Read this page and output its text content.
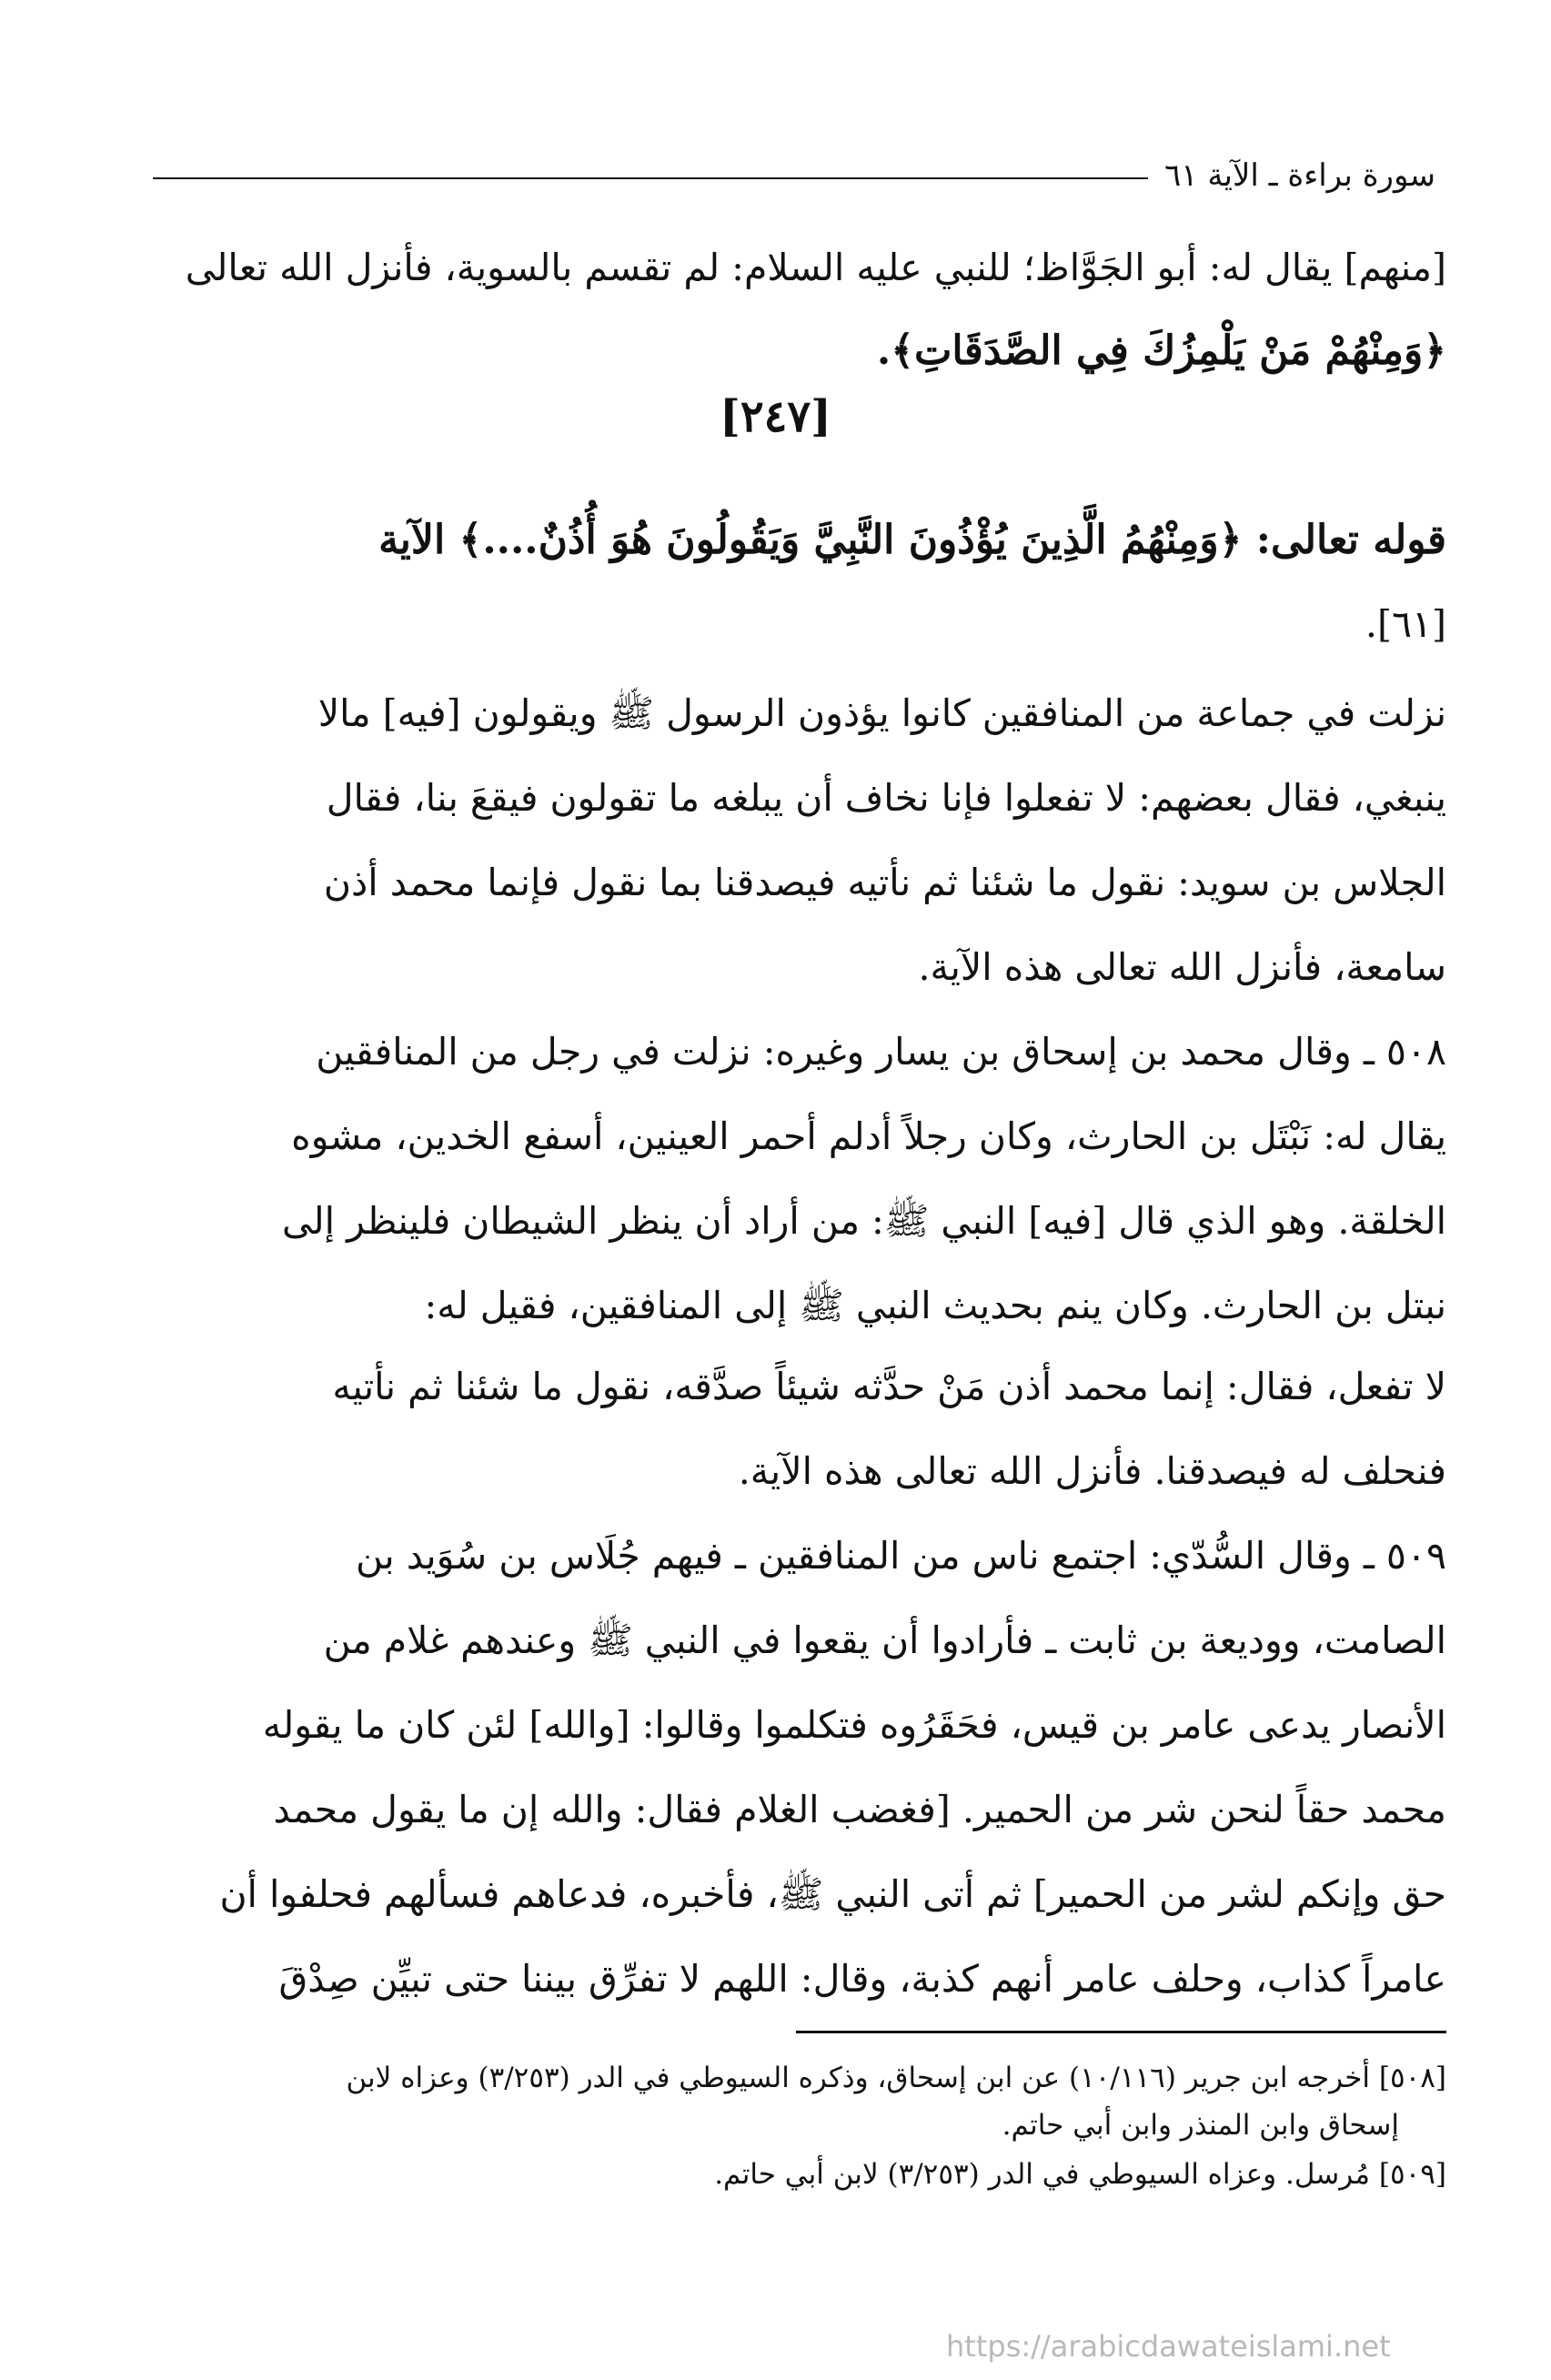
سورة براءة ـ الآية ٦١
[منهم] يقال له: أبو الجَوَّاظ؛ للنبي عليه السلام: لم تقسم بالسوية، فأنزل الله تعالى
﴿وَمِنْهُمْ مَنْ يَلْمِزُكَ فِي الصَّدَقَاتِ﴾.
[٢٤٧]
قوله تعالى: ﴿وَمِنْهُمُ الَّذِينَ يُؤْذُونَ النَّبِيَّ وَيَقُولُونَ هُوَ أُذُنٌ....﴾ الآية
[٦١].
نزلت في جماعة من المنافقين كانوا يؤذون الرسول ﷺ ويقولون [فيه] مالا
ينبغي، فقال بعضهم: لا تفعلوا فإنا نخاف أن يبلغه ما تقولون فيقعَ بنا، فقال
الجلاس بن سويد: نقول ما شئنا ثم نأتيه فيصدقنا بما نقول فإنما محمد أذن
سامعة، فأنزل الله تعالى هذه الآية.
٥٠٨ ـ وقال محمد بن إسحاق بن يسار وغيره: نزلت في رجل من المنافقين
يقال له: نَبْتَل بن الحارث، وكان رجلاً أدلم أحمر العينين، أسفع الخدين، مشوه
الخلقة. وهو الذي قال [فيه] النبي ﷺ: من أراد أن ينظر الشيطان فلينظر إلى
نبتل بن الحارث. وكان ينم بحديث النبي ﷺ إلى المنافقين، فقيل له:
لا تفعل، فقال: إنما محمد أذن مَنْ حدَّثه شيئاً صدَّقه، نقول ما شئنا ثم نأتيه
فنحلف له فيصدقنا. فأنزل الله تعالى هذه الآية.
٥٠٩ ـ وقال السُّدّي: اجتمع ناس من المنافقين ـ فيهم جُلَاس بن سُوَيد بن
الصامت، ووديعة بن ثابت ـ فأرادوا أن يقعوا في النبي ﷺ وعندهم غلام من
الأنصار يدعى عامر بن قيس، فحَقَرُوه فتكلموا وقالوا: [والله] لئن كان ما يقوله
محمد حقاً لنحن شر من الحمير. [فغضب الغلام فقال: والله إن ما يقول محمد
حق وإنكم لشر من الحمير] ثم أتى النبي ﷺ، فأخبره، فدعاهم فسألهم فحلفوا أن
عامراً كذاب، وحلف عامر أنهم كذبة، وقال: اللهم لا تفرِّق بيننا حتى تبيِّن صِدْقَ
[٥٠٨] أخرجه ابن جرير (١٠/١١٦) عن ابن إسحاق، وذكره السيوطي في الدر (٣/٢٥٣) وعزاه لابن
إسحاق وابن المنذر وابن أبي حاتم.
[٥٠٩] مُرسل. وعزاه السيوطي في الدر (٣/٢٥٣) لابن أبي حاتم.
https://arabicdawateislami.net
